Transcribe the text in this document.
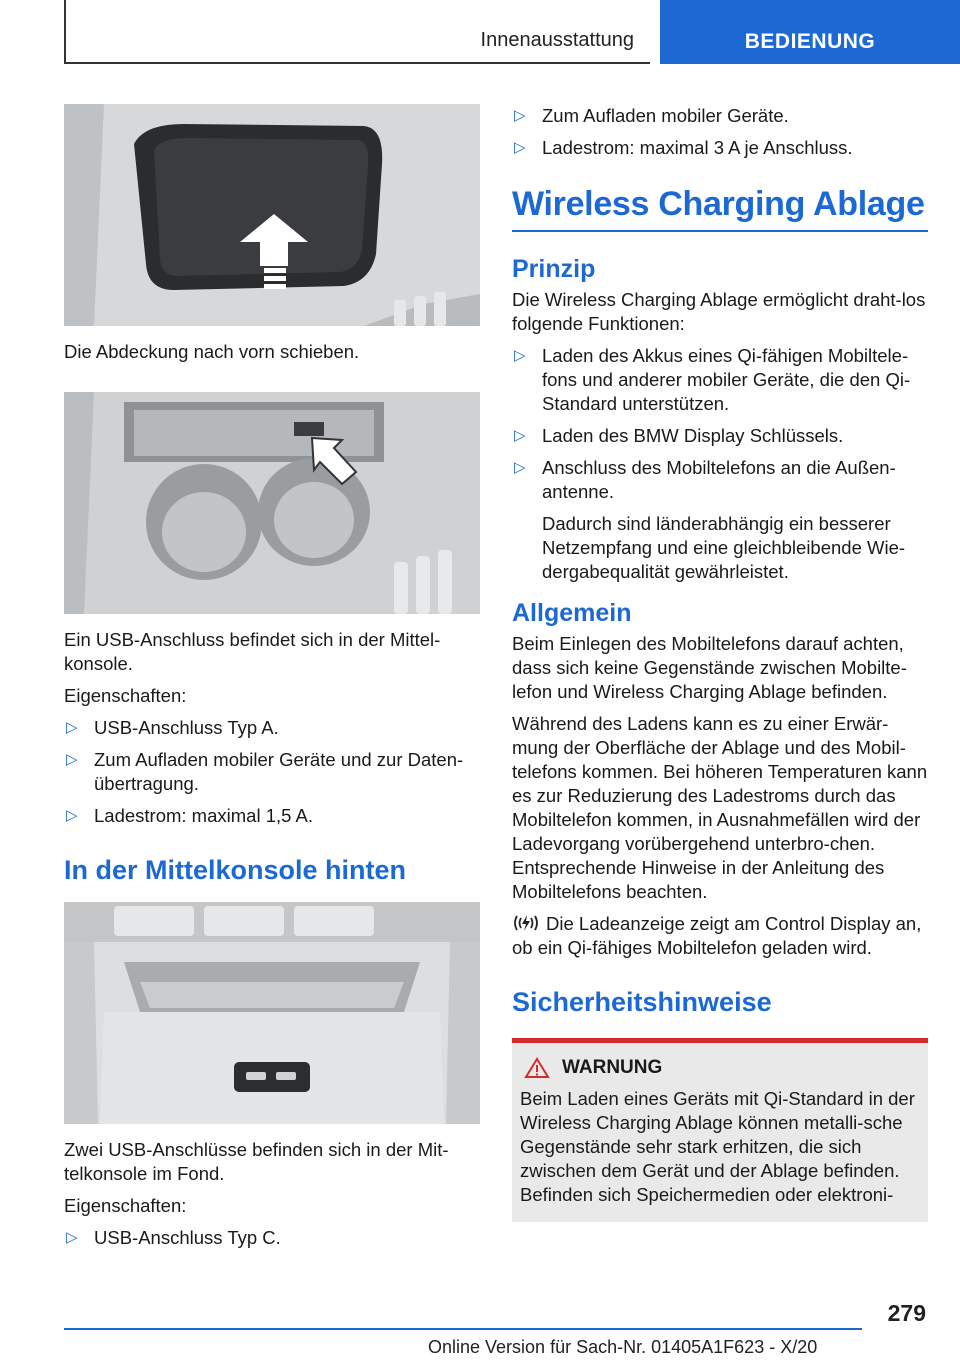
Innenausstattung	BEDIENUNG

Die Abdeckung nach vorn schieben.

Ein USB-Anschluss befindet sich in der Mittel-konsole.

Eigenschaften:

▷ USB-Anschluss Typ A.
▷ Zum Aufladen mobiler Geräte und zur Daten-übertragung.
▷ Ladestrom: maximal 1,5 A.
In der Mittelkonsole hinten

Zwei USB-Anschlüsse befinden sich in der Mit-telkonsole im Fond.

Eigenschaften:

▷ USB-Anschluss Typ C.
▷ Zum Aufladen mobiler Geräte.
▷ Ladestrom: maximal 3 A je Anschluss.
Wireless Charging Ablage
Prinzip

Die Wireless Charging Ablage ermöglicht draht-los folgende Funktionen:

▷ Laden des Akkus eines Qi-fähigen Mobiltele-fons und anderer mobiler Geräte, die den Qi-Standard unterstützen.
▷ Laden des BMW Display Schlüssels.
▷ Anschluss des Mobiltelefons an die Außen-antenne.
Dadurch sind länderabhängig ein besserer Netzempfang und eine gleichbleibende Wie-dergabequalität gewährleistet.
Allgemein

Beim Einlegen des Mobiltelefons darauf achten, dass sich keine Gegenstände zwischen Mobilte-lefon und Wireless Charging Ablage befinden.

Während des Ladens kann es zu einer Erwär-mung der Oberfläche der Ablage und des Mobil-telefons kommen. Bei höheren Temperaturen kann es zur Reduzierung des Ladestroms durch das Mobiltelefon kommen, in Ausnahmefällen wird der Ladevorgang vorübergehend unterbro-chen. Entsprechende Hinweise in der Anleitung des Mobiltelefons beachten.

Die Ladeanzeige zeigt am Control Display an, ob ein Qi-fähiges Mobiltelefon geladen wird.

Sicherheitshinweise
WARNUNG

Beim Laden eines Geräts mit Qi-Standard in der Wireless Charging Ablage können metalli-sche Gegenstände sehr stark erhitzen, die sich zwischen dem Gerät und der Ablage befinden. Befinden sich Speichermedien oder elektroni-

279
Online Version für Sach-Nr. 01405A1F623 - X/20
